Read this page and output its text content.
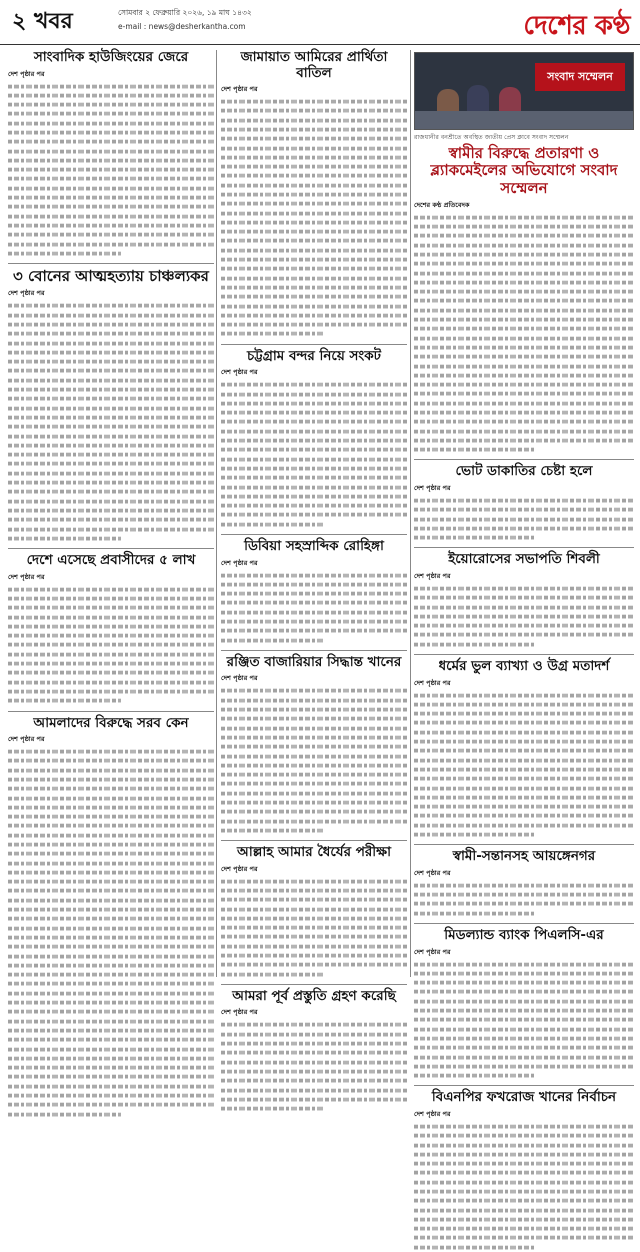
২ খবর	সোমবার ২ ফেব্রুয়ারি ২০২৬, ১৯ মাঘ ১৪৩২
e-mail : news@desherkantha.com	দেশের কণ্ঠ
সাংবাদিক হাউজিংয়ের জেরে
দেশ পৃষ্ঠার পর
৩ বোনের আত্মহত্যায় চাঞ্চল্যকর
দেশ পৃষ্ঠার পর
দেশে এসেছে প্রবাসীদের ৫ লাখ
দেশ পৃষ্ঠার পর
আমলাদের বিরুদ্ধে সরব কেন
দেশ পৃষ্ঠার পর
জামায়াত আমিরের প্রার্থিতা বাতিল
দেশ পৃষ্ঠার পর
চট্টগ্রাম বন্দর নিয়ে সংকট
দেশ পৃষ্ঠার পর
ডিবিয়া সহস্রাব্দিক রোহিঙ্গা
দেশ পৃষ্ঠার পর
রঞ্জিত বাজারিয়ার সিদ্ধান্ত খানের
দেশ পৃষ্ঠার পর
আল্লাহ আমার ধৈর্যের পরীক্ষা
দেশ পৃষ্ঠার পর
আমরা পূর্ব প্রস্তুতি গ্রহণ করেছি
দেশ পৃষ্ঠার পর
সংবাদ সম্মেলন
রাজধানীর বনশ্রীতে অবস্থিত জাতীয় প্রেস ক্লাবে সংবাদ সম্মেলন
স্বামীর বিরুদ্ধে প্রতারণা ও ব্ল্যাকমেইলের অভিযোগে সংবাদ সম্মেলন
দেশের কণ্ঠ প্রতিবেদক
ভোট ডাকাতির চেষ্টা হলে
দেশ পৃষ্ঠার পর
ইয়োরোসের সভাপতি শিবলী
দেশ পৃষ্ঠার পর
ধর্মের ভুল ব্যাখ্যা ও উগ্র মতাদর্শ
দেশ পৃষ্ঠার পর
স্বামী-সন্তানসহ আয়ঙ্গেনগর
দেশ পৃষ্ঠার পর
মিডল্যান্ড ব্যাংক পিএলসি-এর
দেশ পৃষ্ঠার পর
বিএনপির ফখরোজ খানের নির্বাচন
দেশ পৃষ্ঠার পর
